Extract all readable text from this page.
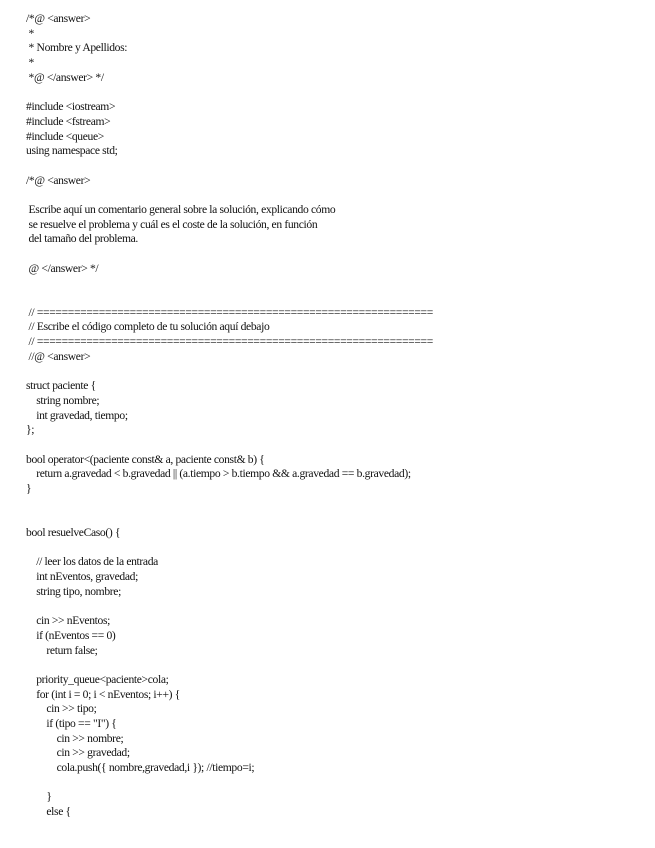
/*@ <answer>
*
* Nombre y Apellidos:
*
*@ </answer> */
#include <iostream>
#include <fstream>
#include <queue>
using namespace std;
/*@ <answer>
Escribe aquí un comentario general sobre la solución, explicando cómo
se resuelve el problema y cuál es el coste de la solución, en función
del tamaño del problema.
@ </answer> */
// ================================================================
// Escribe el código completo de tu solución aquí debajo
// ================================================================
//@ <answer>
struct paciente {
string nombre;
int gravedad, tiempo;
};
bool operator<(paciente const& a, paciente const& b) {
return a.gravedad < b.gravedad || (a.tiempo > b.tiempo && a.gravedad == b.gravedad);
}
bool resuelveCaso() {
// leer los datos de la entrada
int nEventos, gravedad;
string tipo, nombre;
cin >> nEventos;
if (nEventos == 0)
return false;
priority_queue<paciente>cola;
for (int i = 0; i < nEventos; i++) {
cin >> tipo;
if (tipo == "I") {
cin >> nombre;
cin >> gravedad;
cola.push({ nombre,gravedad,i }); //tiempo=i;
}
else {
